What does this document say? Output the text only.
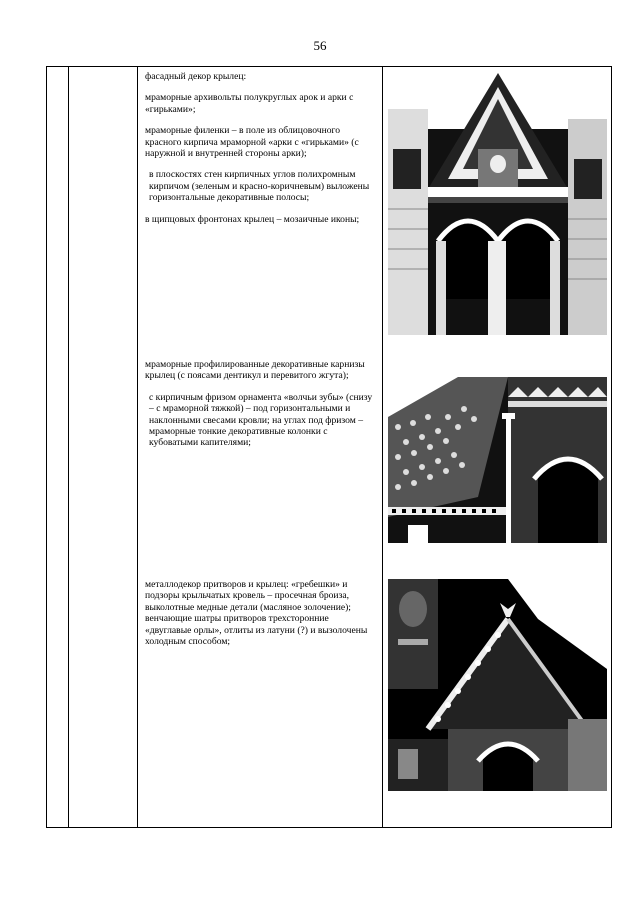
56

фасадный декор крылец:

мраморные архивольты полукруглых арок и арки с «гирьками»;

мраморные филенки – в поле из облицовочного красного кирпича мраморной «арки с «гирьками» (с наружной и внутренней стороны арки);

в плоскостях стен кирпичных углов полихромным кирпичом (зеленым и красно-коричневым) выложены горизонтальные декоративные полосы;

в щипцовых фронтонах крылец – мозаичные иконы;

мраморные профилированные декоративные карнизы крылец (с поясами дентикул и перевитого жгута);

с кирпичным фризом орнамента «волчьи зубы» (снизу – с мраморной тяжкой) – под горизонтальными и наклонными свесами кровли; на углах под фризом – мраморные тонкие декоративные колонки с кубоватыми капителями;

металлодекор притворов и крылец: «гребешки» и подзоры крыльчатых кровель – просечная броиза, выколотные медные детали (масляное золочение);

венчающие шатры притворов трехсторонние «двуглавые орлы», отлиты из латуни (?) и вызолочены холодным способом;
